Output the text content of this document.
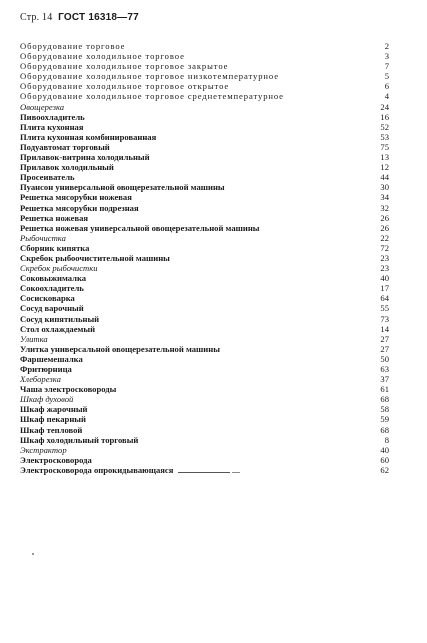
Стр. 14 ГОСТ 16318—77
Оборудование торговое	2
Оборудование холодильное торговое	3
Оборудование холодильное торговое закрытое	7
Оборудование холодильное торговое низкотемпературное	5
Оборудование холодильное торговое открытое	6
Оборудование холодильное торговое среднетемпературное	4
Овощерезка	24
Пивоохладитель	16
Плита кухонная	52
Плита кухонная комбинированная	53
Подуавтомат торговый	75
Прилавок-витрина холодильный	13
Прилавок холодильный	12
Просеиватель	44
Пуансон универсальной овощерезательной машины	30
Решетка мясорубки ножевая	34
Решетка мясорубки подрезная	32
Решетка ножевая	26
Решетка ножевая универсальной овощерезательной машины	26
Рыбочистка	22
Сборник кипятка	72
Скребок рыбоочистительной машины	23
Скребок рыбочистки	23
Соковыжималка	40
Сокоохладитель	17
Сосисковарка	64
Сосуд варочный	55
Сосуд кипятильный	73
Стол охлаждаемый	14
Улитка	27
Улитка универсальной овощерезательной машины	27
Фаршемешалка	50
Фритюрница	63
Хлеборезка	37
Чаша электросковороды	61
Шкаф духовой	68
Шкаф жарочный	58
Шкаф пекарный	59
Шкаф тепловой	68
Шкаф холодильный торговый	8
Экстрактор	40
Электросковорода	60
Электросковорода опрокидывающаяся	62
